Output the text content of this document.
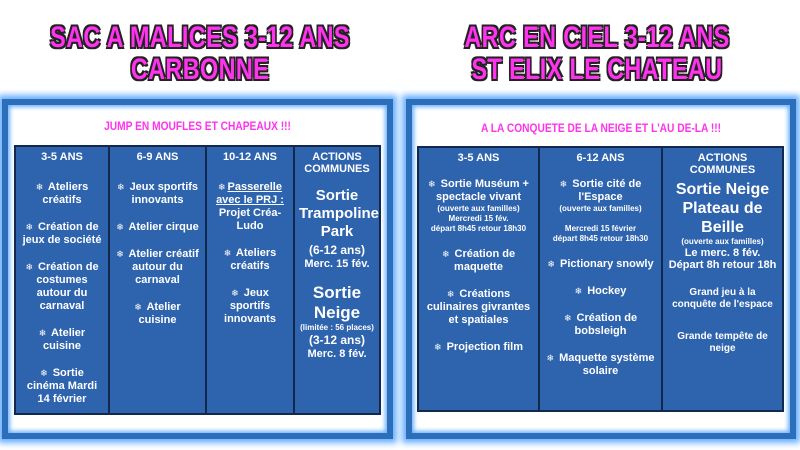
SAC A MALICES 3-12 ANS
CARBONNE
ARC EN CIEL 3-12 ANS
ST ELIX LE CHATEAU
JUMP EN MOUFLES ET CHAPEAUX !!!
3-5 ANS
❄ Ateliers créatifs
❄ Création de jeux de société
❄ Création de costumes autour du carnaval
❄ Atelier cuisine
❄ Sortie cinéma Mardi 14 février
6-9 ANS
❄ Jeux sportifs innovants
❄ Atelier cirque
❄ Atelier créatif autour du carnaval
❄ Atelier cuisine
10-12 ANS
❄ Passerelle avec le PRJ :
Projet Créa-Ludo
❄ Ateliers créatifs
❄ Jeux sportifs innovants
ACTIONS COMMUNES
Sortie Trampoline Park
(6-12 ans)
Merc. 15 fév.
Sortie Neige
(limitée : 56 places)
(3-12 ans)
Merc. 8 fév.
A LA CONQUETE DE LA NEIGE ET L'AU DE-LA !!!
3-5 ANS
❄ Sortie Muséum + spectacle vivant
(ouverte aux familles)
Mercredi 15 fév.
départ 8h45 retour 18h30
❄ Création de maquette
❄ Créations culinaires givrantes et spatiales
❄ Projection film
6-12 ANS
❄ Sortie cité de l'Espace
(ouverte aux familles)
Mercredi 15 février
départ 8h45 retour 18h30
❄ Pictionary snowly
❄ Hockey
❄ Création de bobsleigh
❄ Maquette système solaire
ACTIONS COMMUNES
Sortie Neige Plateau de Beille
(ouverte aux familles)
Le merc. 8 fév.
Départ 8h retour 18h
Grand jeu à la conquête de l'espace
Grande tempête de neige
